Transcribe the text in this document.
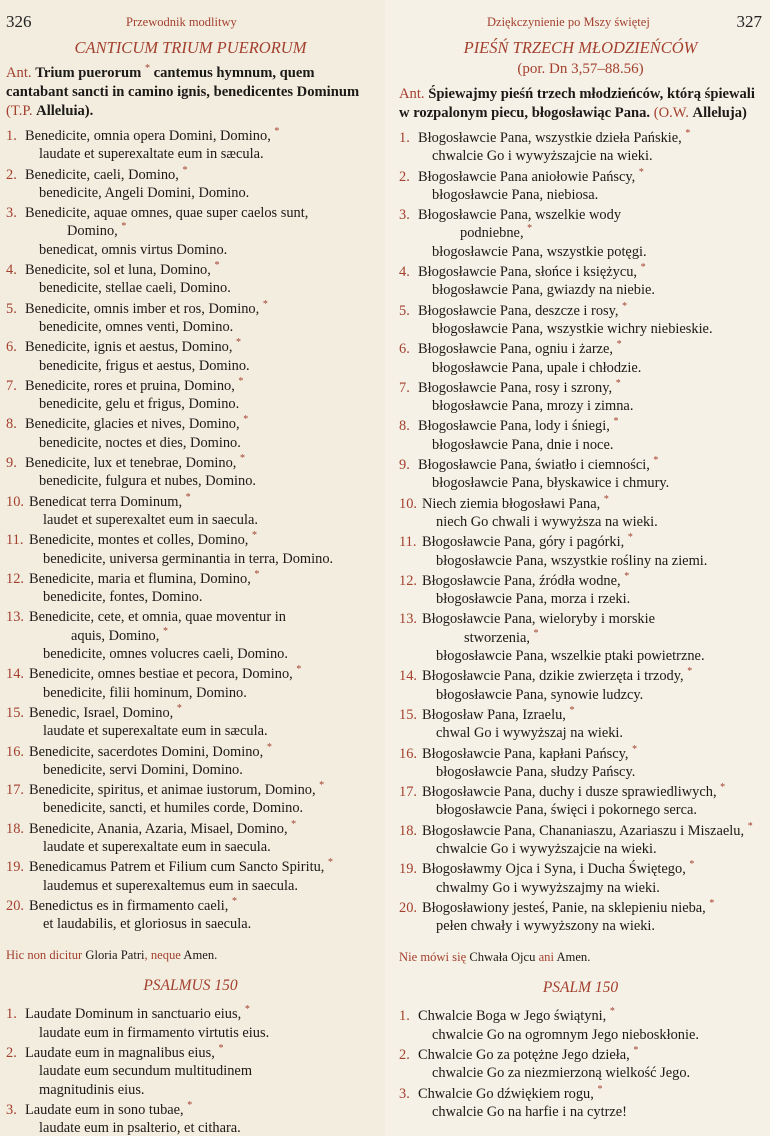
326	Przewodnik modlitwy
CANTICUM TRIUM PUERORUM
Ant. Trium puerorum * cantemus hymnum, quem cantabant sancti in camino ignis, benedicentes Dominum (T.P. Alleluia).
1. Benedicite, omnia opera Domini, Domino, *
laudate et superexaltate eum in sæcula.
2. Benedicite, caeli, Domino, *
benedicite, Angeli Domini, Domino.
3. Benedicite, aquae omnes, quae super caelos sunt,
Domino, *
benedicat, omnis virtus Domino.
4. Benedicite, sol et luna, Domino, *
benedicite, stellae caeli, Domino.
5. Benedicite, omnis imber et ros, Domino, *
benedicite, omnes venti, Domino.
6. Benedicite, ignis et aestus, Domino, *
benedicite, frigus et aestus, Domino.
7. Benedicite, rores et pruina, Domino, *
benedicite, gelu et frigus, Domino.
8. Benedicite, glacies et nives, Domino, *
benedicite, noctes et dies, Domino.
9. Benedicite, lux et tenebrae, Domino, *
benedicite, fulgura et nubes, Domino.
10. Benedicat terra Dominum, *
laudet et superexaltet eum in saecula.
11. Benedicite, montes et colles, Domino, *
benedicite, universa germinantia in terra, Domino.
12. Benedicite, maria et flumina, Domino, *
benedicite, fontes, Domino.
13. Benedicite, cete, et omnia, quae moventur in
aquis, Domino, *
benedicite, omnes volucres caeli, Domino.
14. Benedicite, omnes bestiae et pecora, Domino, *
benedicite, filii hominum, Domino.
15. Benedic, Israel, Domino, *
laudate et superexaltate eum in sæcula.
16. Benedicite, sacerdotes Domini, Domino, *
benedicite, servi Domini, Domino.
17. Benedicite, spiritus, et animae iustorum, Domino, *
benedicite, sancti, et humiles corde, Domino.
18. Benedicite, Anania, Azaria, Misael, Domino, *
laudate et superexaltate eum in saecula.
19. Benedicamus Patrem et Filium cum Sancto Spiritu, *
laudemus et superexaltemus eum in saecula.
20. Benedictus es in firmamento caeli, *
et laudabilis, et gloriosus in saecula.
Hic non dicitur Gloria Patri, neque Amen.
PSALMUS 150
1. Laudate Dominum in sanctuario eius, *
laudate eum in firmamento virtutis eius.
2. Laudate eum in magnalibus eius, *
laudate eum secundum multitudinem
magnitudinis eius.
3. Laudate eum in sono tubae, *
laudate eum in psalterio, et cithara.
Dziękczynienie po Mszy świętej	327
PIEŚŃ TRZECH MŁODZIEŃCÓW
(por. Dn 3,57–88.56)
Ant. Śpiewajmy pieśń trzech młodzieńców, którą śpiewali w rozpalonym piecu, błogosławiąc Pana. (O.W. Alleluja)
1. Błogosławcie Pana, wszystkie dzieła Pańskie, *
chwalcie Go i wywyższajcie na wieki.
2. Błogosławcie Pana aniołowie Pańscy, *
błogosławcie Pana, niebiosa.
3. Błogosławcie Pana, wszelkie wody
podniebne, *
błogosławcie Pana, wszystkie potęgi.
4. Błogosławcie Pana, słońce i księżycu, *
błogosławcie Pana, gwiazdy na niebie.
5. Błogosławcie Pana, deszcze i rosy, *
błogosławcie Pana, wszystkie wichry niebieskie.
6. Błogosławcie Pana, ogniu i żarze, *
błogosławcie Pana, upale i chłodzie.
7. Błogosławcie Pana, rosy i szrony, *
błogosławcie Pana, mrozy i zimna.
8. Błogosławcie Pana, lody i śniegi, *
błogosławcie Pana, dnie i noce.
9. Błogosławcie Pana, światło i ciemności, *
błogosławcie Pana, błyskawice i chmury.
10. Niech ziemia błogosławi Pana, *
niech Go chwali i wywyższa na wieki.
11. Błogosławcie Pana, góry i pagórki, *
błogosławcie Pana, wszystkie rośliny na ziemi.
12. Błogosławcie Pana, źródła wodne, *
błogosławcie Pana, morza i rzeki.
13. Błogosławcie Pana, wieloryby i morskie
stworzenia, *
błogosławcie Pana, wszelkie ptaki powietrzne.
14. Błogosławcie Pana, dzikie zwierzęta i trzody, *
błogosławcie Pana, synowie ludzcy.
15. Błogosław Pana, Izraelu, *
chwal Go i wywyższaj na wieki.
16. Błogosławcie Pana, kapłani Pańscy, *
błogosławcie Pana, słudzy Pańscy.
17. Błogosławcie Pana, duchy i dusze sprawiedliwych, *
błogosławcie Pana, święci i pokornego serca.
18. Błogosławcie Pana, Chananiaszu, Azariaszu i Miszaelu, *
chwalcie Go i wywyższajcie na wieki.
19. Błogosławmy Ojca i Syna, i Ducha Świętego, *
chwalmy Go i wywyższajmy na wieki.
20. Błogosławiony jesteś, Panie, na sklepieniu nieba, *
pełen chwały i wywyższony na wieki.
Nie mówi się Chwała Ojcu ani Amen.
PSALM 150
1. Chwalcie Boga w Jego świątyni, *
chwalcie Go na ogromnym Jego nieboskłonie.
2. Chwalcie Go za potężne Jego dzieła, *
chwalcie Go za niezmierzoną wielkość Jego.
3. Chwalcie Go dźwiękiem rogu, *
chwalcie Go na harfie i na cytrze!
